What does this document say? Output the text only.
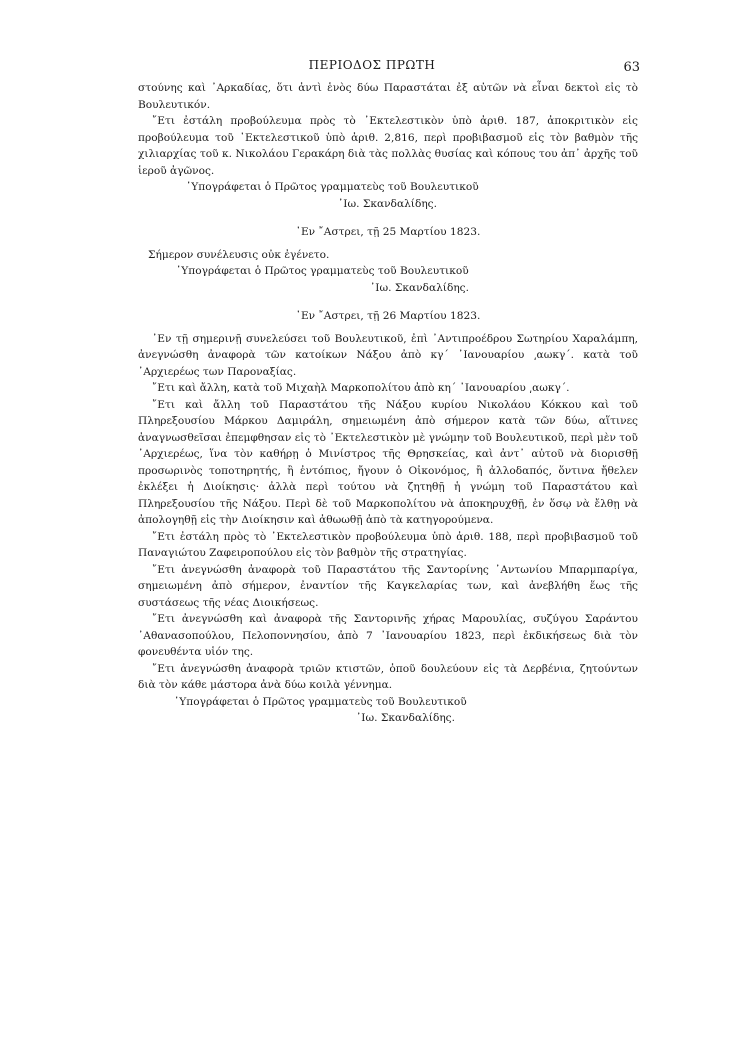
ΠΕΡΙΟΔΟΣ ΠΡΩΤΗ	63

στούνης καὶ ᾿Αρκαδίας, ὅτι ἀντὶ ἑνὸς δύω Παραστάται ἐξ αὐτῶν νὰ εἶναι δεκτοὶ εἰς τὸ Βουλευτικόν.

῎Ετι ἐστάλη προβούλευμα πρὸς τὸ ᾿Εκτελεστικὸν ὑπὸ ἀριθ. 187, ἀποκριτικὸν εἰς προβούλευμα τοῦ ᾿Εκτελεστικοῦ ὑπὸ ἀριθ. 2,816, περὶ προβιβασμοῦ εἰς τὸν βαθμὸν τῆς χιλιαρχίας τοῦ κ. Νικολάου Γερακάρη διὰ τὰς πολλὰς θυσίας καὶ κόπους του ἀπ᾿ ἀρχῆς τοῦ ἱεροῦ ἀγῶνος.

῾Υπογράφεται ὁ Πρῶτος γραμματεὺς τοῦ Βουλευτικοῦ

᾿Ιω. Σκανδαλίδης.

᾿Εν ῎Αστρει, τῇ 25 Μαρτίου 1823.

Σήμερον συνέλευσις οὐκ ἐγένετο.

῾Υπογράφεται ὁ Πρῶτος γραμματεὺς τοῦ Βουλευτικοῦ

᾿Ιω. Σκανδαλίδης.

᾿Εν ῎Αστρει, τῇ 26 Μαρτίου 1823.

᾿Εν τῇ σημερινῇ συνελεύσει τοῦ Βουλευτικοῦ, ἐπὶ ᾿Αντιπροέδρου Σωτηρίου Χαραλάμπη, ἀνεγνώσθη ἀναφορὰ τῶν κατοίκων Νάξου ἀπὸ κγ´ ᾿Ιανουαρίου ͵αωκγ´. κατὰ τοῦ ᾿Αρχιερέως των Παροναξίας.

῎Ετι καὶ ἄλλη, κατὰ τοῦ Μιχαὴλ Μαρκοπολίτου ἀπὸ κη´ ᾿Ιανουαρίου ͵αωκγ´.

῎Ετι καὶ ἄλλη τοῦ Παραστάτου τῆς Νάξου κυρίου Νικολάου Κόκκου καὶ τοῦ Πληρεξουσίου Μάρκου Δαμιράλη, σημειωμένη ἀπὸ σήμερον κατὰ τῶν δύω, αἵτινες ἀναγνωσθεῖσαι ἐπεμφθησαν εἰς τὸ ᾿Εκτελεστικὸν μὲ γνώμην τοῦ Βουλευτικοῦ, περὶ μὲν τοῦ ᾿Αρχιερέως, ἵνα τὸν καθήρῃ ὁ Μινίστρος τῆς Θρησκείας, καὶ ἀντ᾿ αὐτοῦ νὰ διορισθῇ προσωρινὸς τοποτηρητής, ἢ ἐντόπιος, ἤγουν ὁ Οἰκονόμος, ἢ ἀλλοδαπός, ὅντινα ἤθελεν ἐκλέξει ἡ Διοίκησις· ἀλλὰ περὶ τούτου νὰ ζητηθῇ ἡ γνώμη τοῦ Παραστάτου καὶ Πληρεξουσίου τῆς Νάξου. Περὶ δὲ τοῦ Μαρκοπολίτου νὰ ἀποκηρυχθῇ, ἐν ὅσῳ νὰ ἔλθῃ νὰ ἀπολογηθῇ εἰς τὴν Διοίκησιν καὶ ἀθωωθῇ ἀπὸ τὰ κατηγορούμενα.

῎Ετι ἐστάλη πρὸς τὸ ᾿Εκτελεστικὸν προβούλευμα ὑπὸ ἀριθ. 188, περὶ προβιβασμοῦ τοῦ Παναγιώτου Ζαφειροπούλου εἰς τὸν βαθμὸν τῆς στρατηγίας.

῎Ετι ἀνεγνώσθη ἀναφορὰ τοῦ Παραστάτου τῆς Σαντορίνης ᾿Αντωνίου Μπαρμπαρίγα, σημειωμένη ἀπὸ σήμερον, ἐναντίον τῆς Καγκελαρίας των, καὶ ἀνεβλήθη ἕως τῆς συστάσεως τῆς νέας Διοικήσεως.

῎Ετι ἀνεγνώσθη καὶ ἀναφορὰ τῆς Σαντορινῆς χήρας Μαρουλίας, συζύγου Σαράντου ᾿Αθανασοπούλου, Πελοποννησίου, ἀπὸ 7 ᾿Ιανουαρίου 1823, περὶ ἐκδικήσεως διὰ τὸν φονευθέντα υἱόν της.

῎Ετι ἀνεγνώσθη ἀναφορὰ τριῶν κτιστῶν, ὁποῦ δουλεύουν εἰς τὰ Δερβένια, ζητούντων διὰ τὸν κάθε μάστορα ἀνὰ δύω κοιλὰ γέννημα.

῾Υπογράφεται ὁ Πρῶτος γραμματεὺς τοῦ Βουλευτικοῦ

᾿Ιω. Σκανδαλίδης.
